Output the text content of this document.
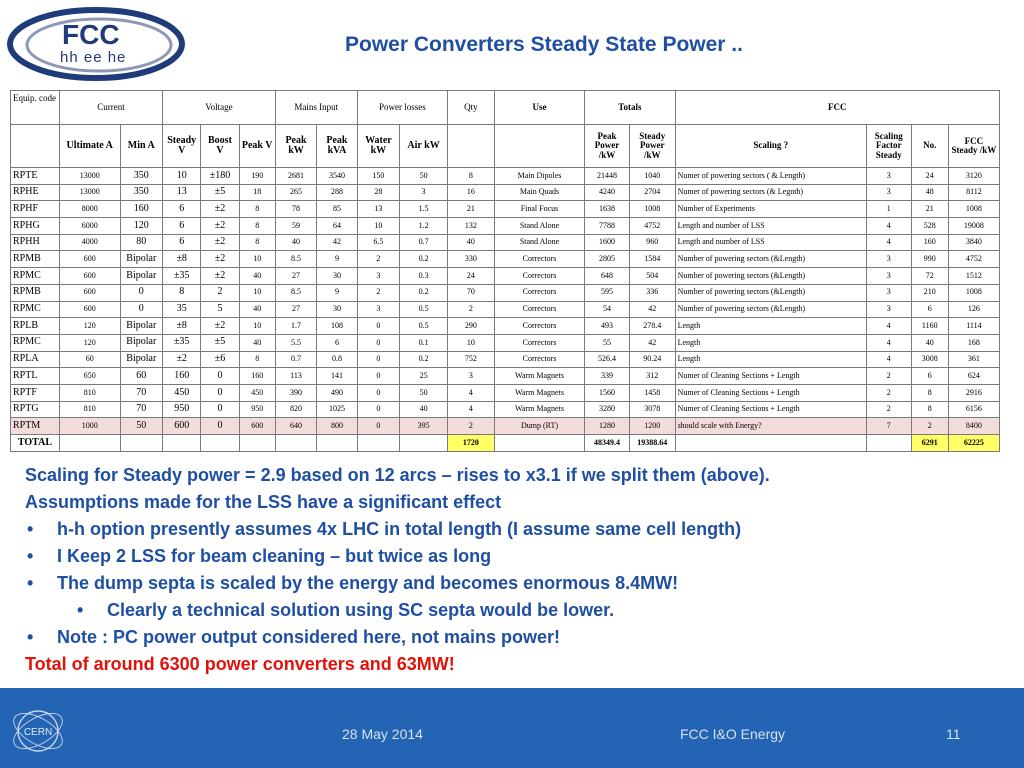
FCC
hh ee he
Power Converters Steady State Power ..
Equip. code	Current		Voltage			Mains Input		Power losses		Qty	Use	Totals		FCC			
	Ultimate A	Min A	Steady V	Boost V	Peak V	Peak kW	Peak kVA	Water kW	Air kW			Peak Power /kW	Steady Power /kW	Scaling ?	Scaling Factor Steady	No.	FCC Steady /kW
RPTE	13000	350	10	±180	190	2681	3540	150	50	8	Main Dipoles	21448	1040	Numer of powering sectors ( & Length)	3	24	3120
RPHE	13000	350	13	±5	18	265	288	28	3	16	Main Quads	4240	2704	Numer of powering sectors (& Legnth)	3	48	8112
RPHF	8000	160	6	±2	8	78	85	13	1.5	21	Final Focus	1638	1008	Number of Experiments	1	21	1008
RPHG	6000	120	6	±2	8	59	64	10	1.2	132	Stand Alone	7788	4752	Length and number of LSS	4	528	19008
RPHH	4000	80	6	±2	8	40	42	6.5	0.7	40	Stand Alone	1600	960	Length and number of LSS	4	160	3840
RPMB	600	Bipolar	±8	±2	10	8.5	9	2	0.2	330	Correctors	2805	1584	Number of powering sectors (&Length)	3	990	4752
RPMC	600	Bipolar	±35	±2	40	27	30	3	0.3	24	Correctors	648	504	Number of powering sectors (&Length)	3	72	1512
RPMB	600	0	8	2	10	8.5	9	2	0.2	70	Correctors	595	336	Number of powering sectors (&Length)	3	210	1008
RPMC	600	0	35	5	40	27	30	3	0.5	2	Correctors	54	42	Number of powering sectors (&Length)	3	6	126
RPLB	120	Bipolar	±8	±2	10	1.7	108	0	0.5	290	Correctors	493	278.4	Length	4	1160	1114
RPMC	120	Bipolar	±35	±5	40	5.5	6	0	0.1	10	Correctors	55	42	Length	4	40	168
RPLA	60	Bipolar	±2	±6	8	0.7	0.8	0	0.2	752	Correctors	526.4	90.24	Length	4	3008	361
RPTL	650	60	160	0	160	113	141	0	25	3	Warm Magnets	339	312	Numer of Cleaning Sections + Length	2	6	624
RPTF	810	70	450	0	450	390	490	0	50	4	Warm Magnets	1560	1458	Numer of Cleaning Sections + Length	2	8	2916
RPTG	810	70	950	0	950	820	1025	0	40	4	Warm Magnets	3280	3078	Numer of Cleaning Sections + Length	2	8	6156
RPTM	1000	50	600	0	600	640	800	0	395	2	Dump (RT)	1280	1200	should scale with Energy?	7	2	8400
TOTAL										1720		48349.4	19388.64			6291	62225
Scaling for Steady power = 2.9 based on 12 arcs – rises to x3.1 if we split them (above).
Assumptions made for the LSS have a significant effect
• h-h option presently assumes 4x LHC in total length (I assume same cell length)
• I Keep 2 LSS for beam cleaning – but twice as long
• The dump septa is scaled by the energy and becomes enormous 8.4MW!
• Clearly a technical solution using SC septa would be lower.
• Note : PC power output considered here, not mains power!
Total of around 6300 power converters and 63MW!
CERN	28 May 2014	FCC I&O Energy	11
